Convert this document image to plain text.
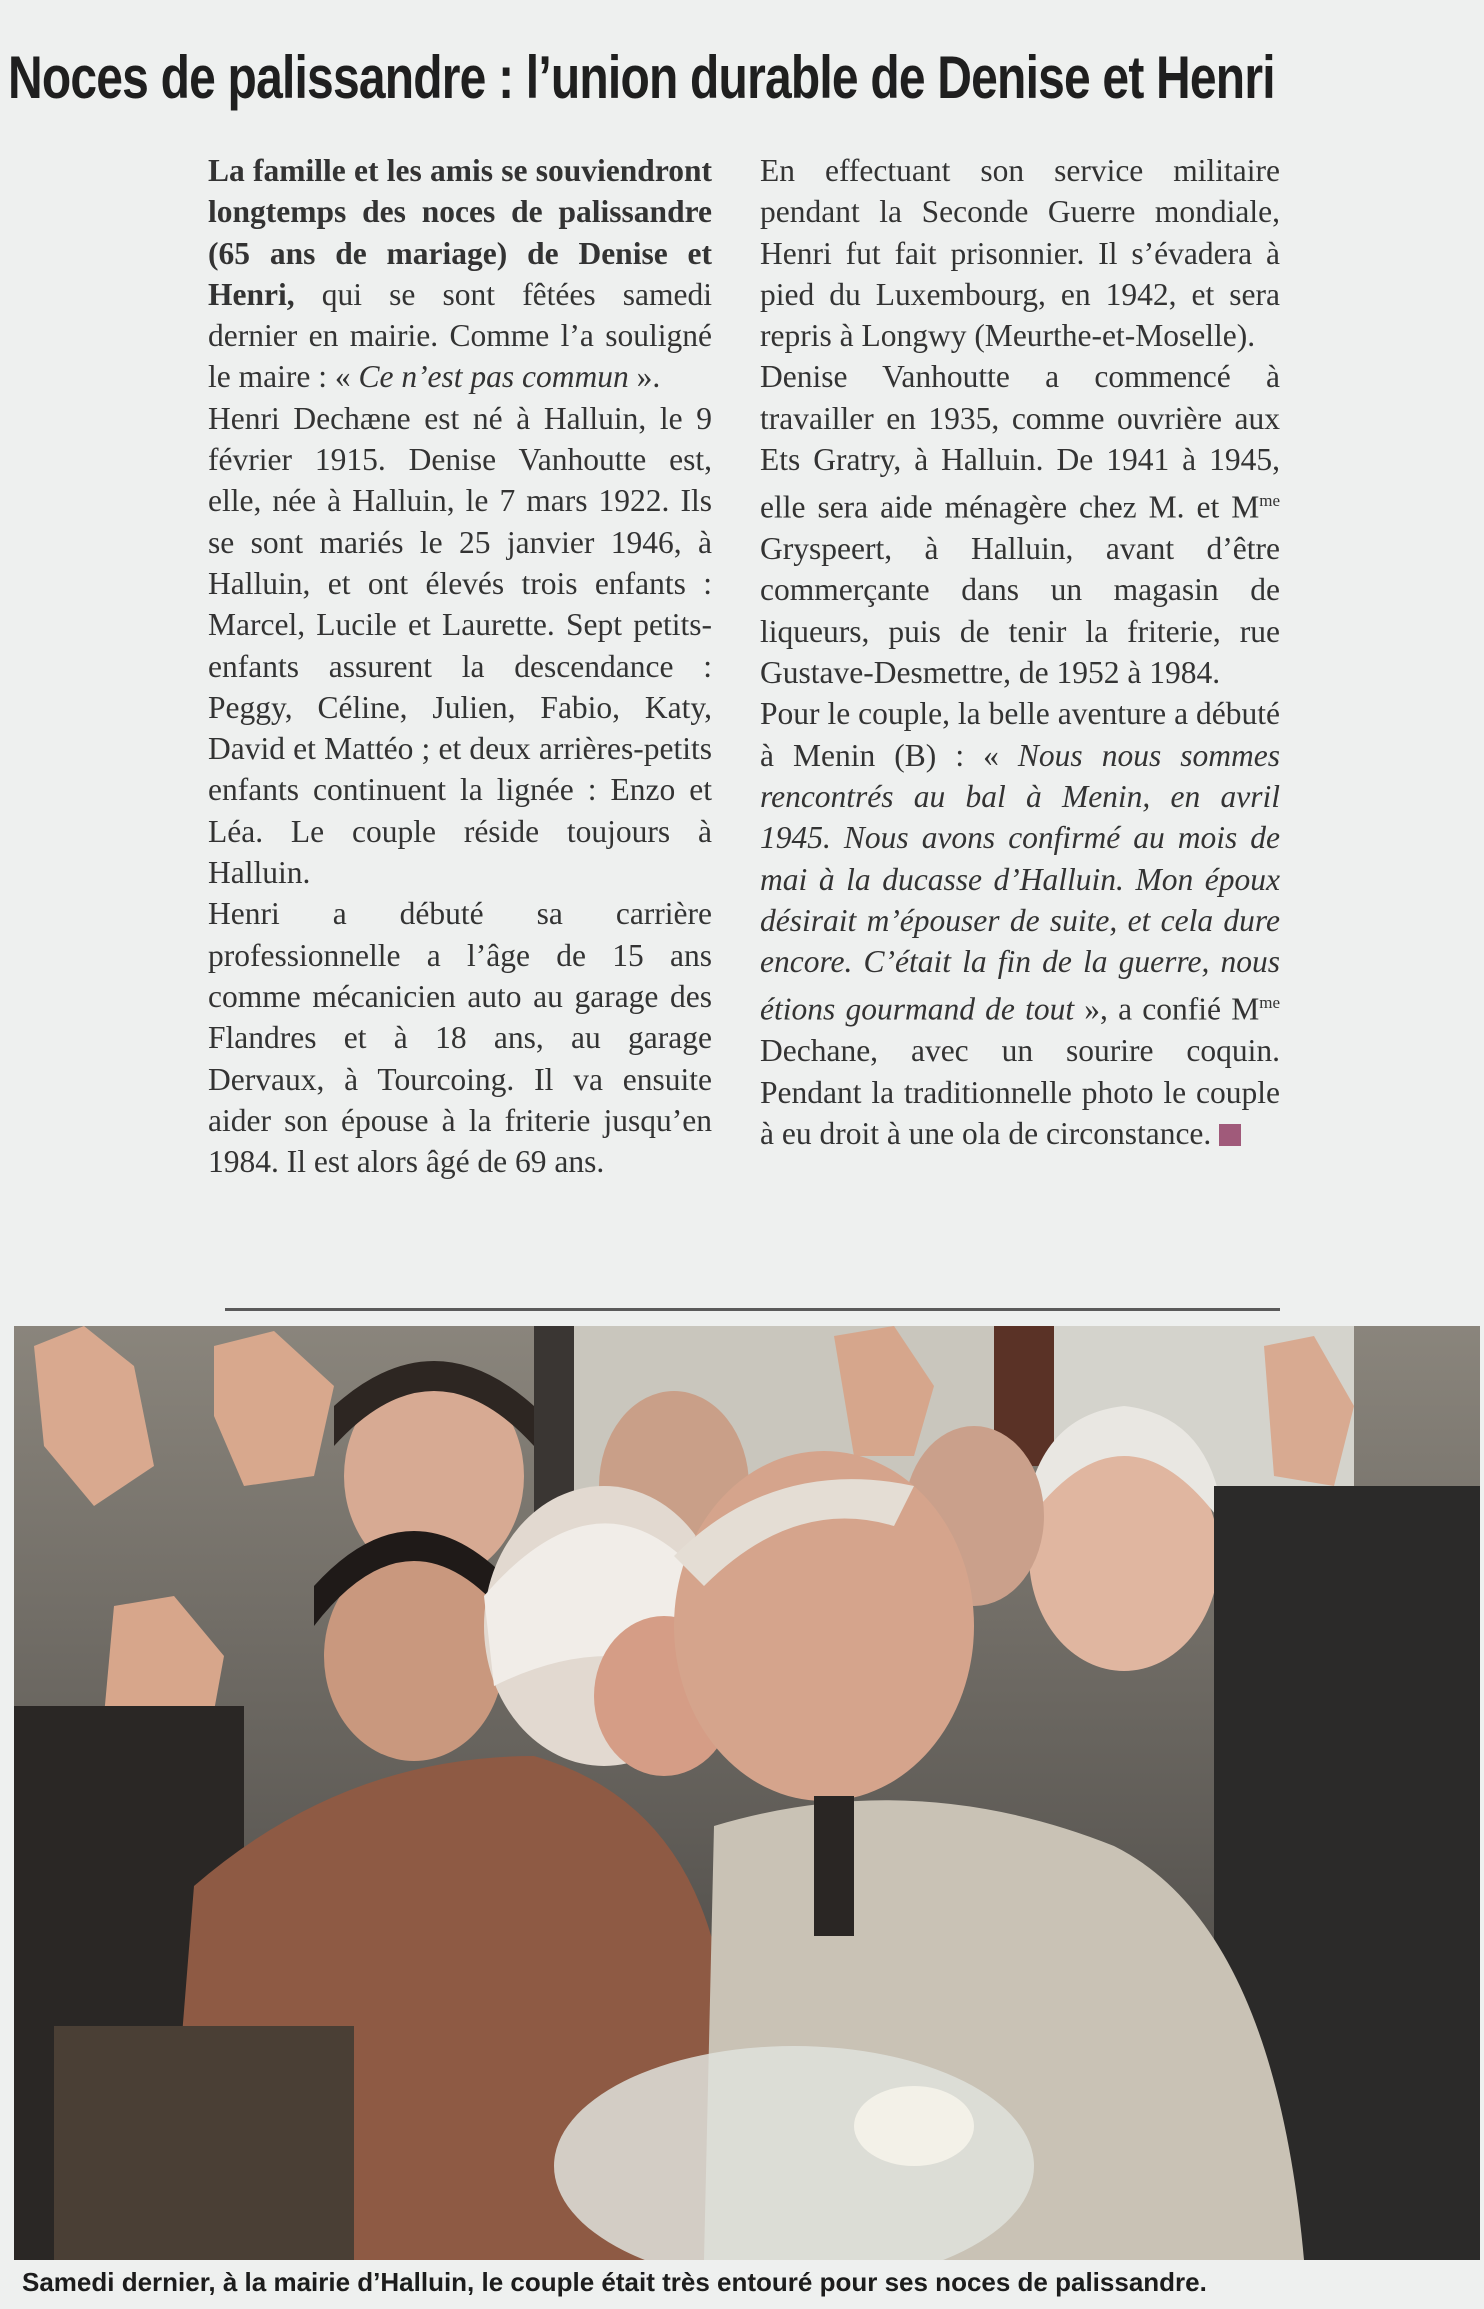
Noces de palissandre : l’union durable de Denise et Henri

La famille et les amis se souviendront longtemps des noces de palissandre (65 ans de mariage) de Denise et Henri, qui se sont fêtées samedi dernier en mairie. Comme l’a souligné le maire : « Ce n’est pas commun ».

Henri Dechæne est né à Halluin, le 9 février 1915. Denise Vanhoutte est, elle, née à Halluin, le 7 mars 1922. Ils se sont mariés le 25 janvier 1946, à Halluin, et ont élevés trois enfants : Marcel, Lucile et Laurette. Sept petits-enfants assurent la descendance : Peggy, Céline, Julien, Fabio, Katy, David et Mattéo ; et deux arrières-petits enfants continuent la lignée : Enzo et Léa. Le couple réside toujours à Halluin.

Henri a débuté sa carrière professionnelle a l’âge de 15 ans comme mécanicien auto au garage des Flandres et à 18 ans, au garage Dervaux, à Tourcoing. Il va ensuite aider son épouse à la friterie jusqu’en 1984. Il est alors âgé de 69 ans.

En effectuant son service militaire pendant la Seconde Guerre mondiale, Henri fut fait prisonnier. Il s’évadera à pied du Luxembourg, en 1942, et sera repris à Longwy (Meurthe-et-Moselle).

Denise Vanhoutte a commencé à travailler en 1935, comme ouvrière aux Ets Gratry, à Halluin. De 1941 à 1945, elle sera aide ménagère chez M. et $M^{me}$ Gryspeert, à Halluin, avant d’être commerçante dans un magasin de liqueurs, puis de tenir la friterie, rue Gustave-Desmettre, de 1952 à 1984.

Pour le couple, la belle aventure a débuté à Menin (B) : « Nous nous sommes rencontrés au bal à Menin, en avril 1945. Nous avons confirmé au mois de mai à la ducasse d’Halluin. Mon époux désirait m’épouser de suite, et cela dure encore. C’était la fin de la guerre, nous étions gourmand de tout », a confié $M^{me}$ Dechane, avec un sourire coquin. Pendant la traditionnelle photo le couple à eu droit à une ola de circonstance.

Samedi dernier, à la mairie d’Halluin, le couple était très entouré pour ses noces de palissandre.
